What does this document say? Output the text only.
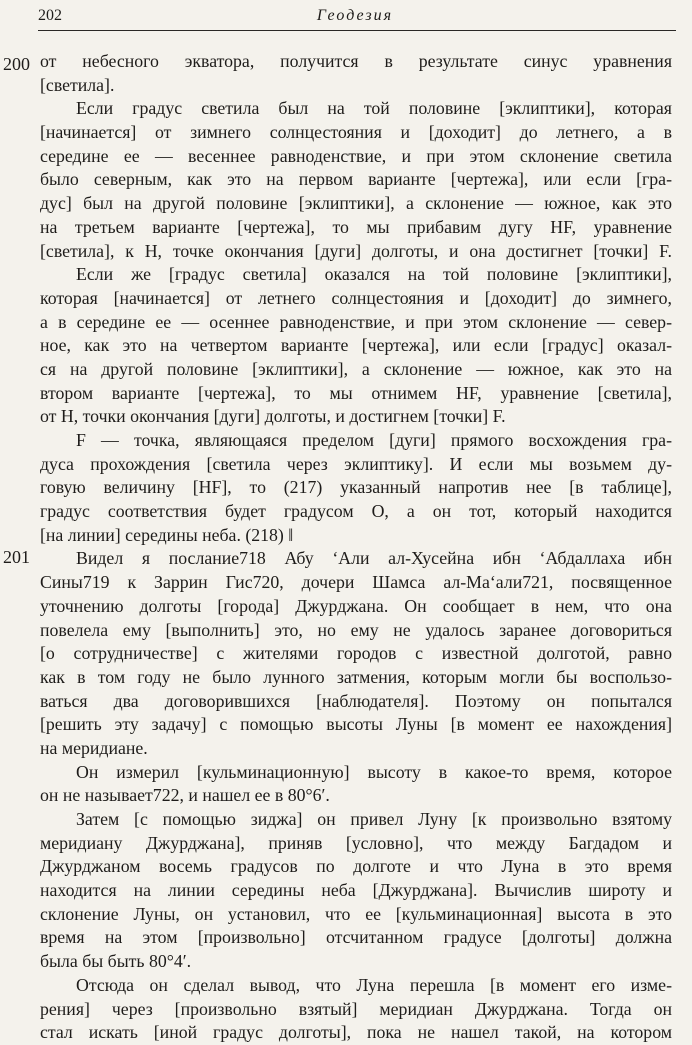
202	Геодезия
200
201
от небесного экватора, получится в результате синус уравнения
[светила].
Если градус светила был на той половине [эклиптики], которая
[начинается] от зимнего солнцестояния и [доходит] до летнего, а в
середине ее — весеннее равноденствие, и при этом склонение светила
было северным, как это на первом варианте [чертежа], или если [гра-
дус] был на другой половине [эклиптики], а склонение — южное, как это
на третьем варианте [чертежа], то мы прибавим дугу HF, уравнение
[светила], к H, точке окончания [дуги] долготы, и она достигнет [точки] F.
Если же [градус светила] оказался на той половине [эклиптики],
которая [начинается] от летнего солнцестояния и [доходит] до зимнего,
а в середине ее — осеннее равноденствие, и при этом склонение — север-
ное, как это на четвертом варианте [чертежа], или если [градус] оказал-
ся на другой половине [эклиптики], а склонение — южное, как это на
втором варианте [чертежа], то мы отнимем HF, уравнение [светила],
от H, точки окончания [дуги] долготы, и достигнем [точки] F.
F — точка, являющаяся пределом [дуги] прямого восхождения гра-
дуса прохождения [светила через эклиптику]. И если мы возьмем ду-
говую величину [HF], то (217) указанный напротив нее [в таблице],
градус соответствия будет градусом O, а он тот, который находится
[на линии] середины неба. (218) ‖
Видел я послание718 Абу ‘Али ал-Хусейна ибн ‘Абдаллаха ибн
Сины719 к Заррин Гис720, дочери Шамса ал-Ма‘али721, посвященное
уточнению долготы [города] Джурджана. Он сообщает в нем, что она
повелела ему [выполнить] это, но ему не удалось заранее договориться
[о сотрудничестве] с жителями городов с известной долготой, равно
как в том году не было лунного затмения, которым могли бы воспользо-
ваться два договорившихся [наблюдателя]. Поэтому он попытался
[решить эту задачу] с помощью высоты Луны [в момент ее нахождения]
на меридиане.
Он измерил [кульминационную] высоту в какое-то время, которое
он не называет722, и нашел ее в 80°6′.
Затем [с помощью зиджа] он привел Луну [к произвольно взятому
меридиану Джурджана], приняв [условно], что между Багдадом и
Джурджаном восемь градусов по долготе и что Луна в это время
находится на линии середины неба [Джурджана]. Вычислив широту и
склонение Луны, он установил, что ее [кульминационная] высота в это
время на этом [произвольно] отсчитанном градусе [долготы] должна
была бы быть 80°4′.
Отсюда он сделал вывод, что Луна перешла [в момент его изме-
рения] через [произвольно взятый] меридиан Джурджана. Тогда он
стал искать [иной градус долготы], пока не нашел такой, на котором
